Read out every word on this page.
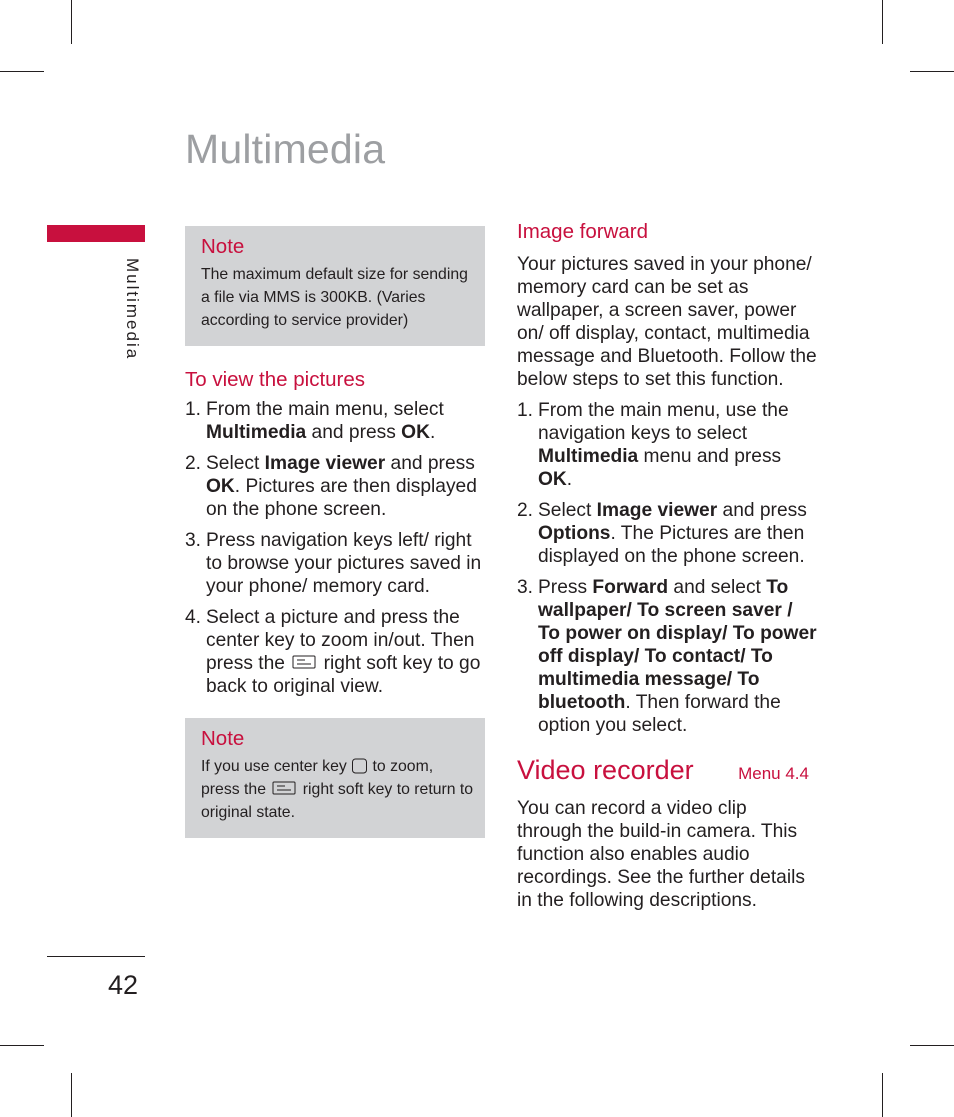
Multimedia
Multimedia
42
Note
The maximum default size for sending a file via MMS is 300KB. (Varies according to service provider)
To view the pictures
1. From the main menu, select Multimedia and press OK.
2. Select Image viewer and press OK. Pictures are then displayed on the phone screen.
3. Press navigation keys left/ right to browse your pictures saved in your phone/ memory card.
4. Select a picture and press the center key to zoom in/out. Then press the  right soft key to go back to original view.
Note
If you use center key  to zoom, press the  right soft key to return to original state.
Image forward
Your pictures saved in your phone/ memory card can be set as wallpaper, a screen saver, power on/ off display, contact, multimedia message and Bluetooth. Follow the below steps to set this function.
1. From the main menu, use the navigation keys to select Multimedia menu and press OK.
2. Select Image viewer and press Options. The Pictures are then displayed on the phone screen.
3. Press Forward and select To wallpaper/ To screen saver / To power on display/ To power off display/ To contact/ To multimedia message/ To bluetooth. Then forward the option you select.
Video recorder	Menu 4.4
You can record a video clip through the build-in camera. This function also enables audio recordings. See the further details in the following descriptions.
